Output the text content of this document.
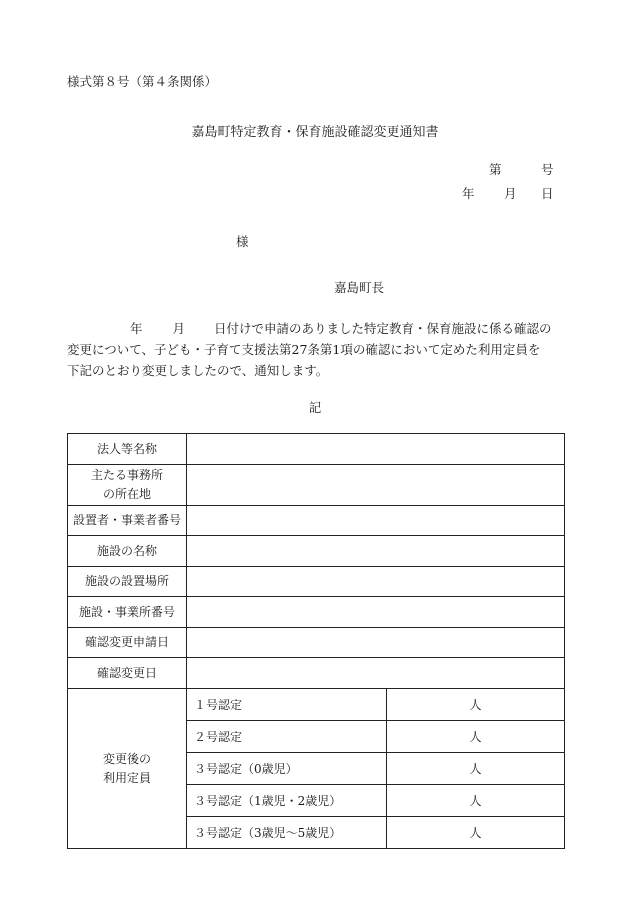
様式第８号（第４条関係）
嘉島町特定教育・保育施設確認変更通知書
第	号
年 月 日
様
嘉島町長
年 月 日付けで申請のありました特定教育・保育施設に係る確認の
変更について、子ども・子育て支援法第27条第1項の確認において定めた利用定員を
下記のとおり変更しましたので、通知します。
記
法人等名称		

主たる事務所
の所在地		

設置者・事業者番号		
施設の名称		
施設の設置場所		
施設・事業所番号		
確認変更申請日		
確認変更日		

変更後の
利用定員	１号認定	人
	２号認定	人
	３号認定（0歳児）	人
	３号認定（1歳児・2歳児）	人
	３号認定（3歳児～5歳児）	人
